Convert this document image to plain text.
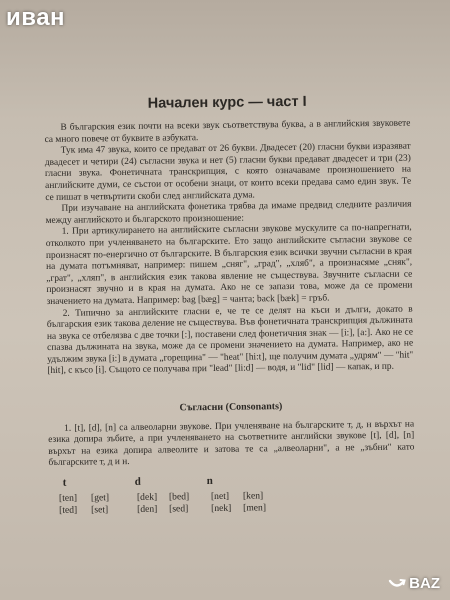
иван
Начален курс — част I

В българския език почти на всеки звук съответствува буква, а в английския звуковете са много повече от буквите в азбуката.

Тук има 47 звука, които се предават от 26 букви. Двадесет (20) гласни букви изразяват двадесет и четири (24) съгласни звука и нет (5) гласни букви предават двадесет и три (23) гласни звука. Фонетичната транскрипция, с която означаваме произношението на английските думи, се състои от особени знаци, от които всеки предава само един звук. Те се пишат в четвъртити скоби след английската дума.

При изучаване на английската фонетика трябва да имаме предвид следните различия между английското и българското произношение:

1. При артикулирането на английските съгласни звукове мускулите са по-напрегнати, отколкото при учленяването на българските. Ето защо английските съгласни звукове се произнасят по-енергично от българските. В българския език всички звучни съгласни в края на думата потъмняват, например: пишем „сняг", „град", „хляб", а произнасяме „сняк", „грат", „хляп", в английския език такова явление не съществува. Звучните съгласни се произнасят звучно и в края на думата. Ако не се запази това, може да се промени значението на думата. Например: bag [bæg] = чанта; back [bæk] = гръб.

2. Типично за английските гласни е, че те се делят на къси и дълги, докато в българския език такова деление не съществува. Във фонетичната транскрипция дължината на звука се отбелязва с две точки [:], поставени след фонетичния знак — [i:], [a:]. Ако не се спазва дължината на звука, може да се промени значението на думата. Например, ако не удължим звука [i:] в думата „горещина" — "heat" [hi:t], ще получим думата „удрям" — "hit" [hit], с късо [i]. Същото се получава при "lead" [li:d] — водя, и "lid" [lid] — капак, и пр.

Съгласни (Consonants)

1. [t], [d], [n] са алвеоларни звукове. При учленяване на българските т, д, н върхът на езика допира зъбите, а при учленяването на съответните английски звукове [t], [d], [n] върхът на езика допира алвеолите и затова те са „алвеоларни", а не „зъбни" като българските т, д и н.

t	d	n
[ten]	[get]	[dek]	[bed]	[net]	[ken]
[ted]	[set]	[den]	[sed]	[nek]	[men]
BAZ
